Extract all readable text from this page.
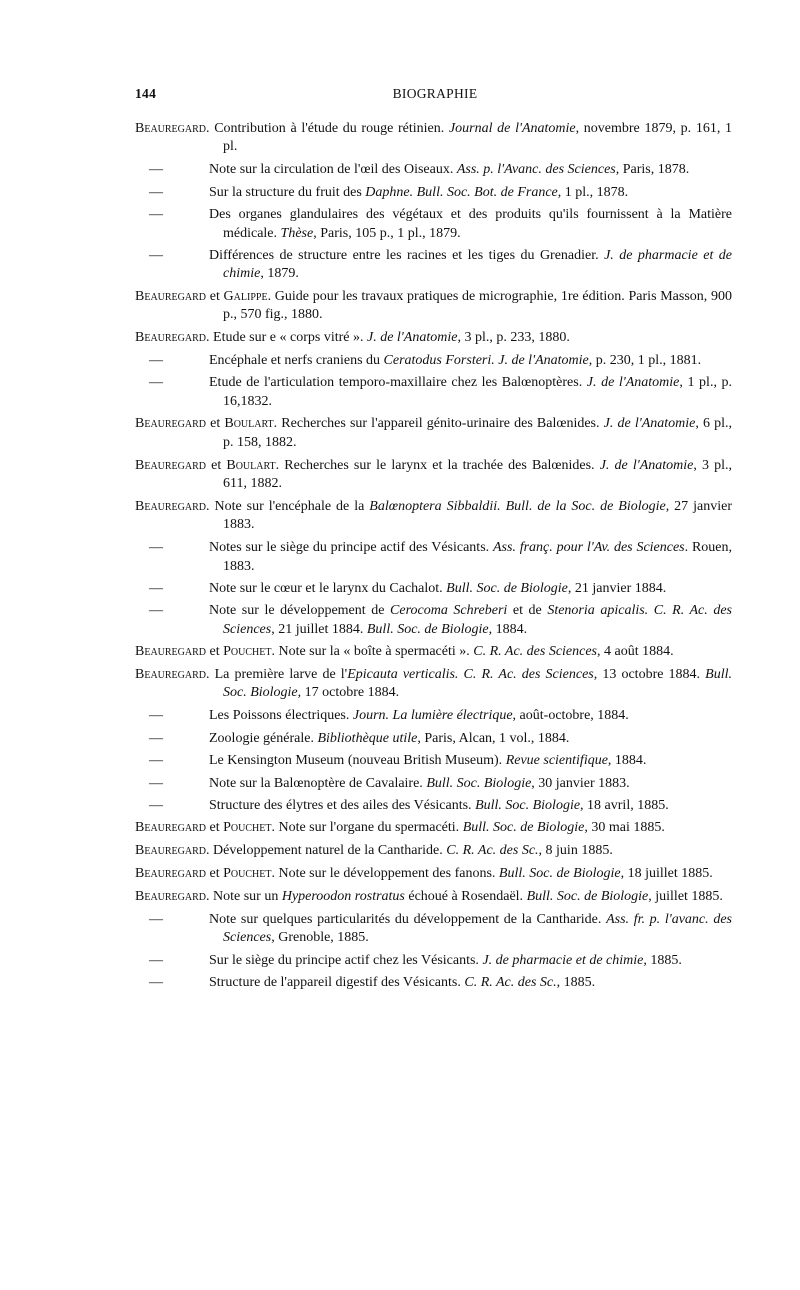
144	BIOGRAPHIE
Beauregard. Contribution à l'étude du rouge rétinien. Journal de l'Anatomie, novembre 1879, p. 161, 1 pl.
—	Note sur la circulation de l'œil des Oiseaux. Ass. p. l'Avanc. des Sciences, Paris, 1878.
—	Sur la structure du fruit des Daphne. Bull. Soc. Bot. de France, 1 pl., 1878.
—	Des organes glandulaires des végétaux et des produits qu'ils fournissent à la Matière médicale. Thèse, Paris, 105 p., 1 pl., 1879.
—	Différences de structure entre les racines et les tiges du Grenadier. J. de pharmacie et de chimie, 1879.
Beauregard et Galippe. Guide pour les travaux pratiques de micrographie, 1re édition. Paris Masson, 900 p., 570 fig., 1880.
Beauregard. Etude sur e « corps vitré ». J. de l'Anatomie, 3 pl., p. 233, 1880.
—	Encéphale et nerfs craniens du Ceratodus Forsteri. J. de l'Anatomie, p. 230, 1 pl., 1881.
—	Etude de l'articulation temporo-maxillaire chez les Balœnoptères. J. de l'Anatomie, 1 pl., p. 16,1832.
Beauregard et Boulart. Recherches sur l'appareil génito-urinaire des Balœnides. J. de l'Anatomie, 6 pl., p. 158, 1882.
Beauregard et Boulart. Recherches sur le larynx et la trachée des Balœnides. J. de l'Anatomie, 3 pl., 611, 1882.
Beauregard. Note sur l'encéphale de la Balœnoptera Sibbaldii. Bull. de la Soc. de Biologie, 27 janvier 1883.
—	Notes sur le siège du principe actif des Vésicants. Ass. franç. pour l'Av. des Sciences. Rouen, 1883.
—	Note sur le cœur et le larynx du Cachalot. Bull. Soc. de Biologie, 21 janvier 1884.
—	Note sur le développement de Cerocoma Schreberi et de Stenoria apicalis. C. R. Ac. des Sciences, 21 juillet 1884. Bull. Soc. de Biologie, 1884.
Beauregard et Pouchet. Note sur la « boîte à spermacéti ». C. R. Ac. des Sciences, 4 août 1884.
Beauregard. La première larve de l'Epicauta verticalis. C. R. Ac. des Sciences, 13 octobre 1884. Bull. Soc. Biologie, 17 octobre 1884.
—	Les Poissons électriques. Journ. La lumière électrique, août-octobre, 1884.
—	Zoologie générale. Bibliothèque utile, Paris, Alcan, 1 vol., 1884.
—	Le Kensington Museum (nouveau British Museum). Revue scientifique, 1884.
—	Note sur la Balœnoptère de Cavalaire. Bull. Soc. Biologie, 30 janvier 1883.
—	Structure des élytres et des ailes des Vésicants. Bull. Soc. Biologie, 18 avril, 1885.
Beauregard et Pouchet. Note sur l'organe du spermacéti. Bull. Soc. de Biologie, 30 mai 1885.
Beauregard. Développement naturel de la Cantharide. C. R. Ac. des Sc., 8 juin 1885.
Beauregard et Pouchet. Note sur le développement des fanons. Bull. Soc. de Biologie, 18 juillet 1885.
Beauregard. Note sur un Hyperoodon rostratus échoué à Rosendaël. Bull. Soc. de Biologie, juillet 1885.
—	Note sur quelques particularités du développement de la Cantharide. Ass. fr. p. l'avanc. des Sciences, Grenoble, 1885.
—	Sur le siège du principe actif chez les Vésicants. J. de pharmacie et de chimie, 1885.
—	Structure de l'appareil digestif des Vésicants. C. R. Ac. des Sc., 1885.
